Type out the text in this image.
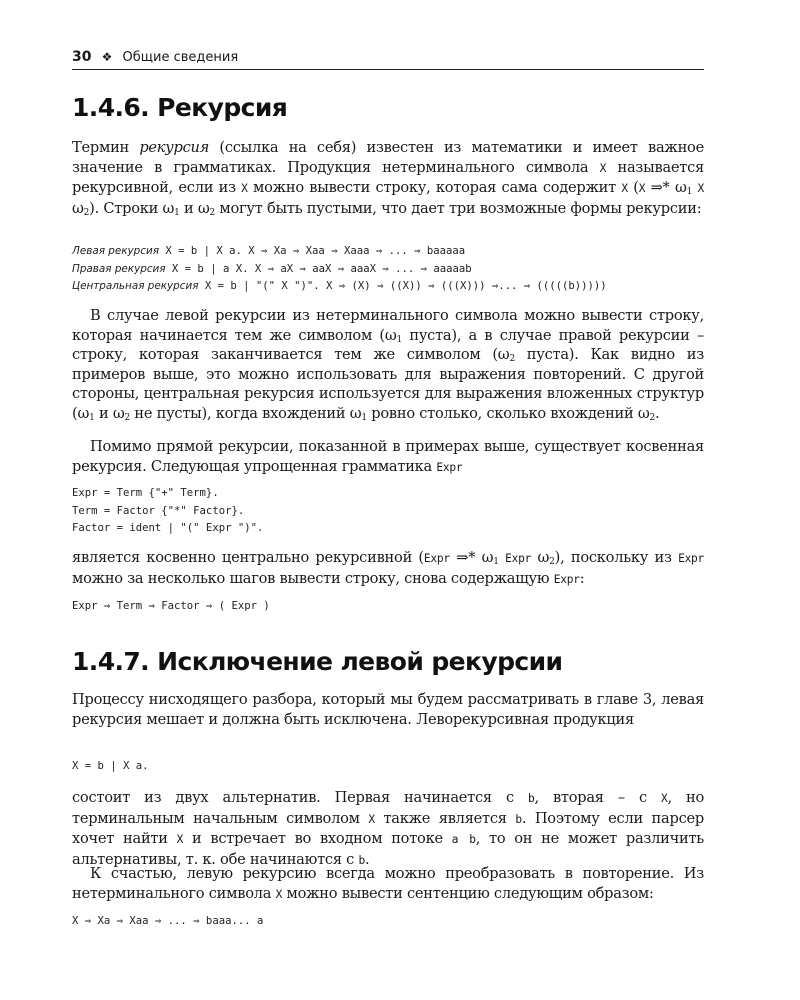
30 ❖ Общие сведения
1.4.6. Рекурсия

Термин рекурсия (ссылка на себя) известен из математики и имеет важное значение в грамматиках. Продукция нетерминального символа X называется рекурсивной, если из X можно вывести строку, которая сама содержит X (X ⇒* $\omega_1$ X $\omega_2$). Строки $\omega_1$ и $\omega_2$ могут быть пустыми, что дает три возможные формы рекурсии:

Левая рекурсия X = b | X a. X ⇒ Xa ⇒ Xaa ⇒ Xaaa ⇒ ... ⇒ baaaaa
Правая рекурсия X = b | a X. X ⇒ aX ⇒ aaX ⇒ aaaX ⇒ ... ⇒ aaaaab
Центральная рекурсия X = b | "(" X ")". X ⇒ (X) ⇒ ((X)) ⇒ (((X))) ⇒... ⇒ (((((b)))))

В случае левой рекурсии из нетерминального символа можно вывести строку, которая начинается тем же символом ($\omega_1$ пуста), а в случае правой рекурсии – строку, которая заканчивается тем же символом ($\omega_2$ пуста). Как видно из примеров выше, это можно использовать для выражения повторений. С другой стороны, центральная рекурсия используется для выражения вложенных структур ($\omega_1$ и $\omega_2$ не пусты), когда вхождений $\omega_1$ ровно столько, сколько вхождений $\omega_2$.

Помимо прямой рекурсии, показанной в примерах выше, существует косвенная рекурсия. Следующая упрощенная грамматика Expr

Expr = Term {"+" Term}.
Term = Factor {"*" Factor}.
Factor = ident | "(" Expr ")".

является косвенно центрально рекурсивной (Expr ⇒* $\omega_1$ Expr $\omega_2$), поскольку из Expr можно за несколько шагов вывести строку, снова содержащую Expr:

Expr ⇒ Term ⇒ Factor ⇒ ( Expr )
1.4.7. Исключение левой рекурсии

Процессу нисходящего разбора, который мы будем рассматривать в главе 3, левая рекурсия мешает и должна быть исключена. Леворекурсивная продукция

X = b | X a.

состоит из двух альтернатив. Первая начинается с b, вторая – с X, но терминальным начальным символом X также является b. Поэтому если парсер хочет найти X и встречает во входном потоке a b, то он не может различить альтернативы, т. к. обе начинаются с b.

К счастью, левую рекурсию всегда можно преобразовать в повторение. Из нетерминального символа X можно вывести сентенцию следующим образом:

X ⇒ Xa ⇒ Xaa ⇒ ... ⇒ baaa... a
